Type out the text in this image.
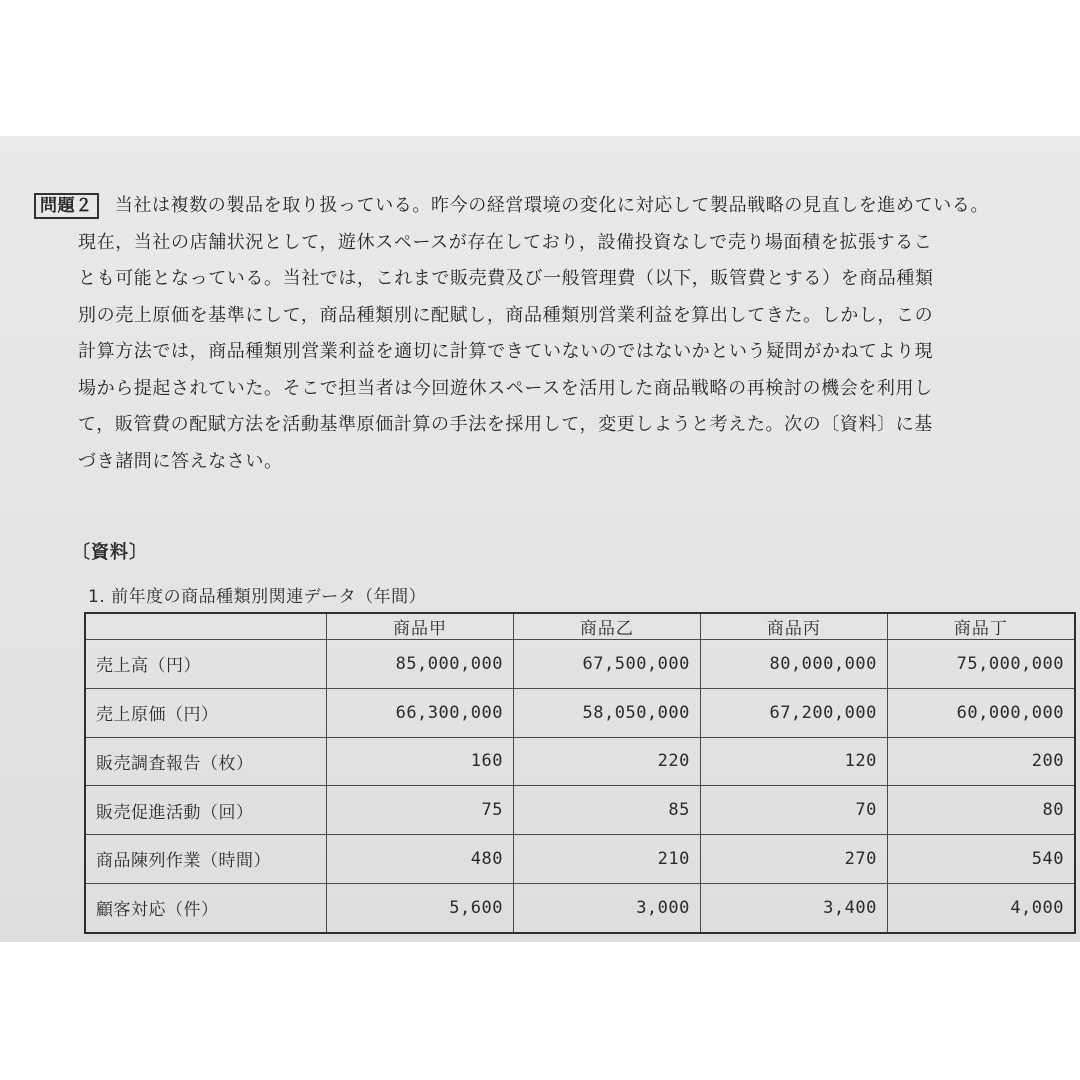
問題２ 当社は複数の製品を取り扱っている。昨今の経営環境の変化に対応して製品戦略の見直しを進めている。
現在，当社の店舗状況として，遊休スペースが存在しており，設備投資なしで売り場面積を拡張するこ
とも可能となっている。当社では，これまで販売費及び一般管理費（以下，販管費とする）を商品種類
別の売上原価を基準にして，商品種類別に配賦し，商品種類別営業利益を算出してきた。しかし，この
計算方法では，商品種類別営業利益を適切に計算できていないのではないかという疑問がかねてより現
場から提起されていた。そこで担当者は今回遊休スペースを活用した商品戦略の再検討の機会を利用し
て，販管費の配賦方法を活動基準原価計算の手法を採用して，変更しようと考えた。次の〔資料〕に基
づき諸問に答えなさい。
〔資料〕
1. 前年度の商品種類別関連データ（年間）
	商品甲	商品乙	商品丙	商品丁
売上高（円）	85,000,000	67,500,000	80,000,000	75,000,000
売上原価（円）	66,300,000	58,050,000	67,200,000	60,000,000
販売調査報告（枚）	160	220	120	200
販売促進活動（回）	75	85	70	80
商品陳列作業（時間）	480	210	270	540
顧客対応（件）	5,600	3,000	3,400	4,000
